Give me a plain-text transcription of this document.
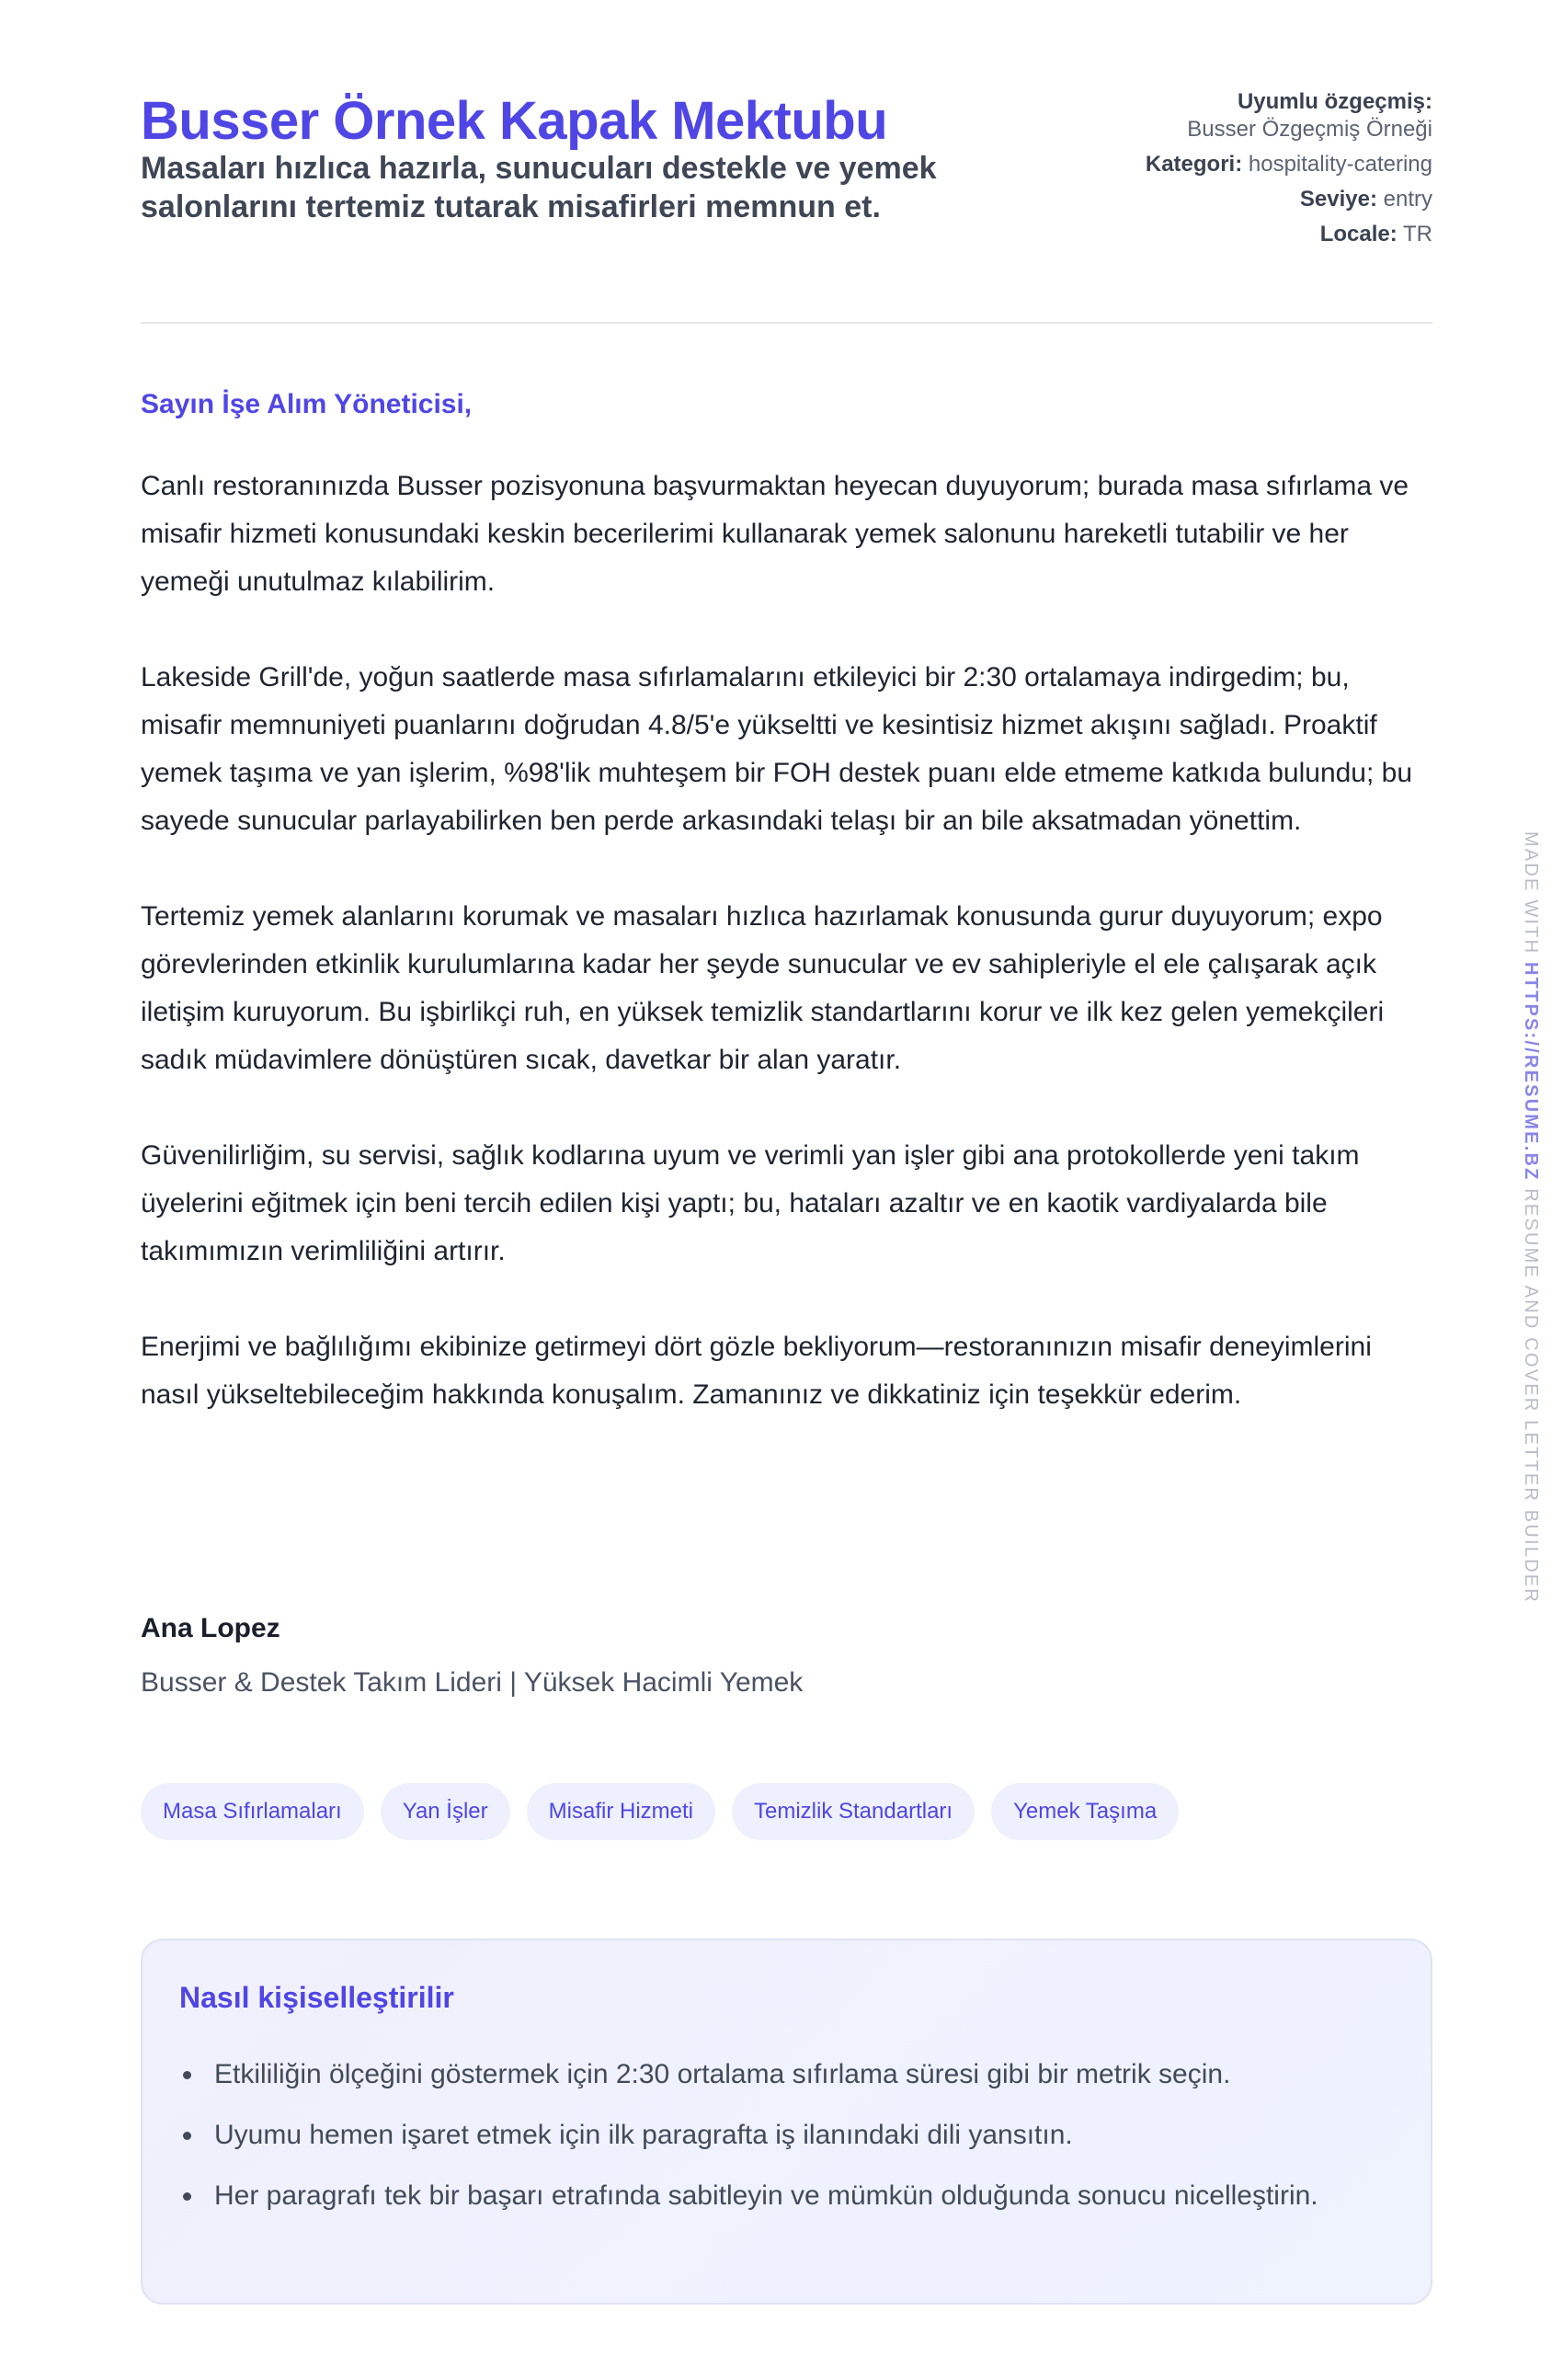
Busser Örnek Kapak Mektubu
Masaları hızlıca hazırla, sunucuları destekle ve yemek salonlarını tertemiz tutarak misafirleri memnun et.
Uyumlu özgeçmiş:
Busser Özgeçmiş Örneği
Kategori: hospitality-catering
Seviye: entry
Locale: TR
Sayın İşe Alım Yöneticisi,

Canlı restoranınızda Busser pozisyonuna başvurmaktan heyecan duyuyorum; burada masa sıfırlama ve misafir hizmeti konusundaki keskin becerilerimi kullanarak yemek salonunu hareketli tutabilir ve her yemeği unutulmaz kılabilirim.

Lakeside Grill'de, yoğun saatlerde masa sıfırlamalarını etkileyici bir 2:30 ortalamaya indirgedim; bu, misafir memnuniyeti puanlarını doğrudan 4.8/5'e yükseltti ve kesintisiz hizmet akışını sağladı. Proaktif yemek taşıma ve yan işlerim, %98'lik muhteşem bir FOH destek puanı elde etmeme katkıda bulundu; bu sayede sunucular parlayabilirken ben perde arkasındaki telaşı bir an bile aksatmadan yönettim.

Tertemiz yemek alanlarını korumak ve masaları hızlıca hazırlamak konusunda gurur duyuyorum; expo görevlerinden etkinlik kurulumlarına kadar her şeyde sunucular ve ev sahipleriyle el ele çalışarak açık iletişim kuruyorum. Bu işbirlikçi ruh, en yüksek temizlik standartlarını korur ve ilk kez gelen yemekçileri sadık müdavimlere dönüştüren sıcak, davetkar bir alan yaratır.

Güvenilirliğim, su servisi, sağlık kodlarına uyum ve verimli yan işler gibi ana protokollerde yeni takım üyelerini eğitmek için beni tercih edilen kişi yaptı; bu, hataları azaltır ve en kaotik vardiyalarda bile takımımızın verimliliğini artırır.

Enerjimi ve bağlılığımı ekibinize getirmeyi dört gözle bekliyorum—restoranınızın misafir deneyimlerini nasıl yükseltebileceğim hakkında konuşalım. Zamanınız ve dikkatiniz için teşekkür ederim.

Ana Lopez
Busser & Destek Takım Lideri | Yüksek Hacimli Yemek
Masa Sıfırlamaları	Yan İşler	Misafir Hizmeti	Temizlik Standartları	Yemek Taşıma
Nasıl kişiselleştirilir
Etkililiğin ölçeğini göstermek için 2:30 ortalama sıfırlama süresi gibi bir metrik seçin.
Uyumu hemen işaret etmek için ilk paragrafta iş ilanındaki dili yansıtın.
Her paragrafı tek bir başarı etrafında sabitleyin ve mümkün olduğunda sonucu nicelleştirin.
MADE WITH HTTPS://RESUME.BZ RESUME AND COVER LETTER BUILDER
